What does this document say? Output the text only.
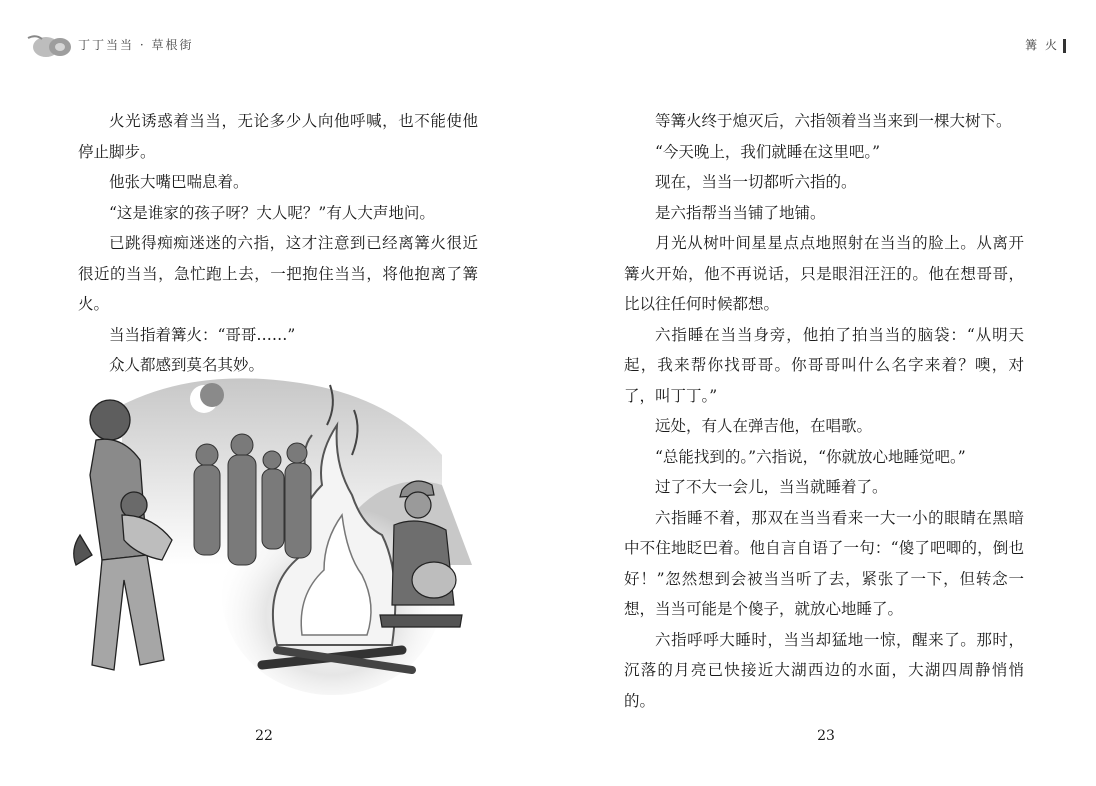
丁丁当当 · 草根街

火光诱惑着当当，无论多少人向他呼喊，也不能使他停止脚步。

他张大嘴巴喘息着。

“这是谁家的孩子呀？大人呢？”有人大声地问。

已跳得痴痴迷迷的六指，这才注意到已经离篝火很近很近的当当，急忙跑上去，一把抱住当当，将他抱离了篝火。

当当指着篝火：“哥哥……”

众人都感到莫名其妙。

22
篝 火

等篝火终于熄灭后，六指领着当当来到一棵大树下。

“今天晚上，我们就睡在这里吧。”

现在，当当一切都听六指的。

是六指帮当当铺了地铺。

月光从树叶间星星点点地照射在当当的脸上。从离开篝火开始，他不再说话，只是眼泪汪汪的。他在想哥哥，比以往任何时候都想。

六指睡在当当身旁，他拍了拍当当的脑袋：“从明天起，我来帮你找哥哥。你哥哥叫什么名字来着？噢，对了，叫丁丁。”

远处，有人在弹吉他，在唱歌。

“总能找到的。”六指说，“你就放心地睡觉吧。”

过了不大一会儿，当当就睡着了。

六指睡不着，那双在当当看来一大一小的眼睛在黑暗中不住地眨巴着。他自言自语了一句：“傻了吧唧的，倒也好！”忽然想到会被当当听了去，紧张了一下，但转念一想，当当可能是个傻子，就放心地睡了。

六指呼呼大睡时，当当却猛地一惊，醒来了。那时，沉落的月亮已快接近大湖西边的水面，大湖四周静悄悄的。

23
